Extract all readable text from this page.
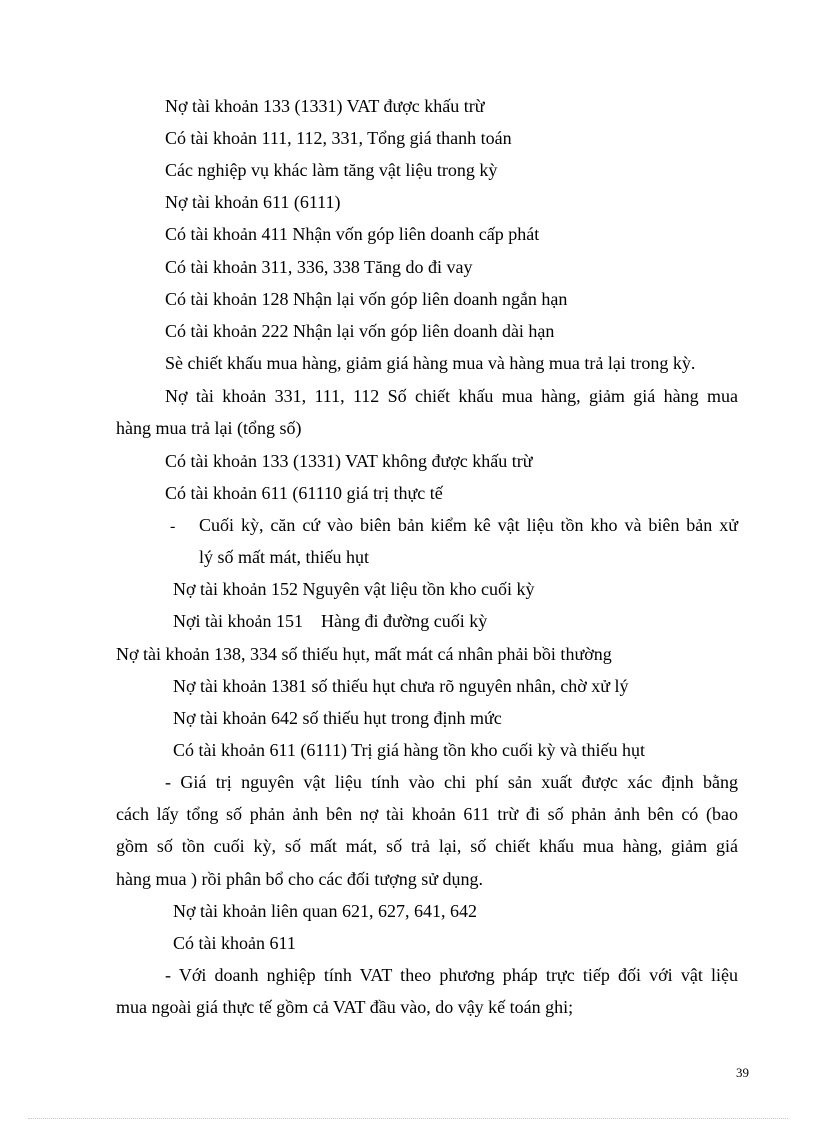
Nợ tài khoản 133 (1331) VAT được khấu trừ
Có tài khoản 111, 112, 331, Tổng giá thanh toán
Các nghiệp vụ khác làm tăng vật liệu trong kỳ
Nợ tài khoản 611 (6111)
Có tài khoản 411 Nhận vốn góp liên doanh cấp phát
Có tài khoản 311, 336, 338 Tăng do đi vay
Có tài khoản 128 Nhận lại vốn góp liên doanh ngắn hạn
Có tài khoản 222 Nhận lại vốn góp liên doanh dài hạn
Sè chiết khấu mua hàng, giảm giá hàng mua và hàng mua trả lại trong kỳ.
Nợ tài khoản 331, 111, 112 Số chiết khấu mua hàng, giảm giá hàng mua
hàng mua trả lại (tổng số)
Có tài khoản 133 (1331) VAT không được khấu trừ
Có tài khoản 611 (61110 giá trị thực tế
- Cuối kỳ, căn cứ vào biên bản kiểm kê vật liệu tồn kho và biên bản xử
lý số mất mát, thiếu hụt
Nợ tài khoản 152 Nguyên vật liệu tồn kho cuối kỳ
Nợi tài khoản 151    Hàng đi đường cuối kỳ
Nợ tài khoản 138, 334 số thiếu hụt, mất mát cá nhân phải bồi thường
Nợ tài khoản 1381 số thiếu hụt chưa rõ nguyên nhân, chờ xử lý
Nợ tài khoản 642 số thiếu hụt trong định mức
Có tài khoản 611 (6111) Trị giá hàng tồn kho cuối kỳ và thiếu hụt
- Giá trị nguyên vật liệu tính vào chi phí sản xuất được xác định bằng
cách lấy tổng số phản ảnh bên nợ tài khoản 611 trừ đi số phản ảnh bên có (bao
gồm số tồn cuối kỳ, số mất mát, số trả lại, số chiết khấu mua hàng, giảm giá
hàng mua ) rồi phân bổ cho các đối tượng sử dụng.
Nợ tài khoản liên quan 621, 627, 641, 642
Có tài khoản 611
- Với doanh nghiệp tính VAT theo phương pháp trực tiếp đối với vật liệu
mua ngoài giá thực tế gồm cả VAT đầu vào, do vậy kế toán ghi;
39
